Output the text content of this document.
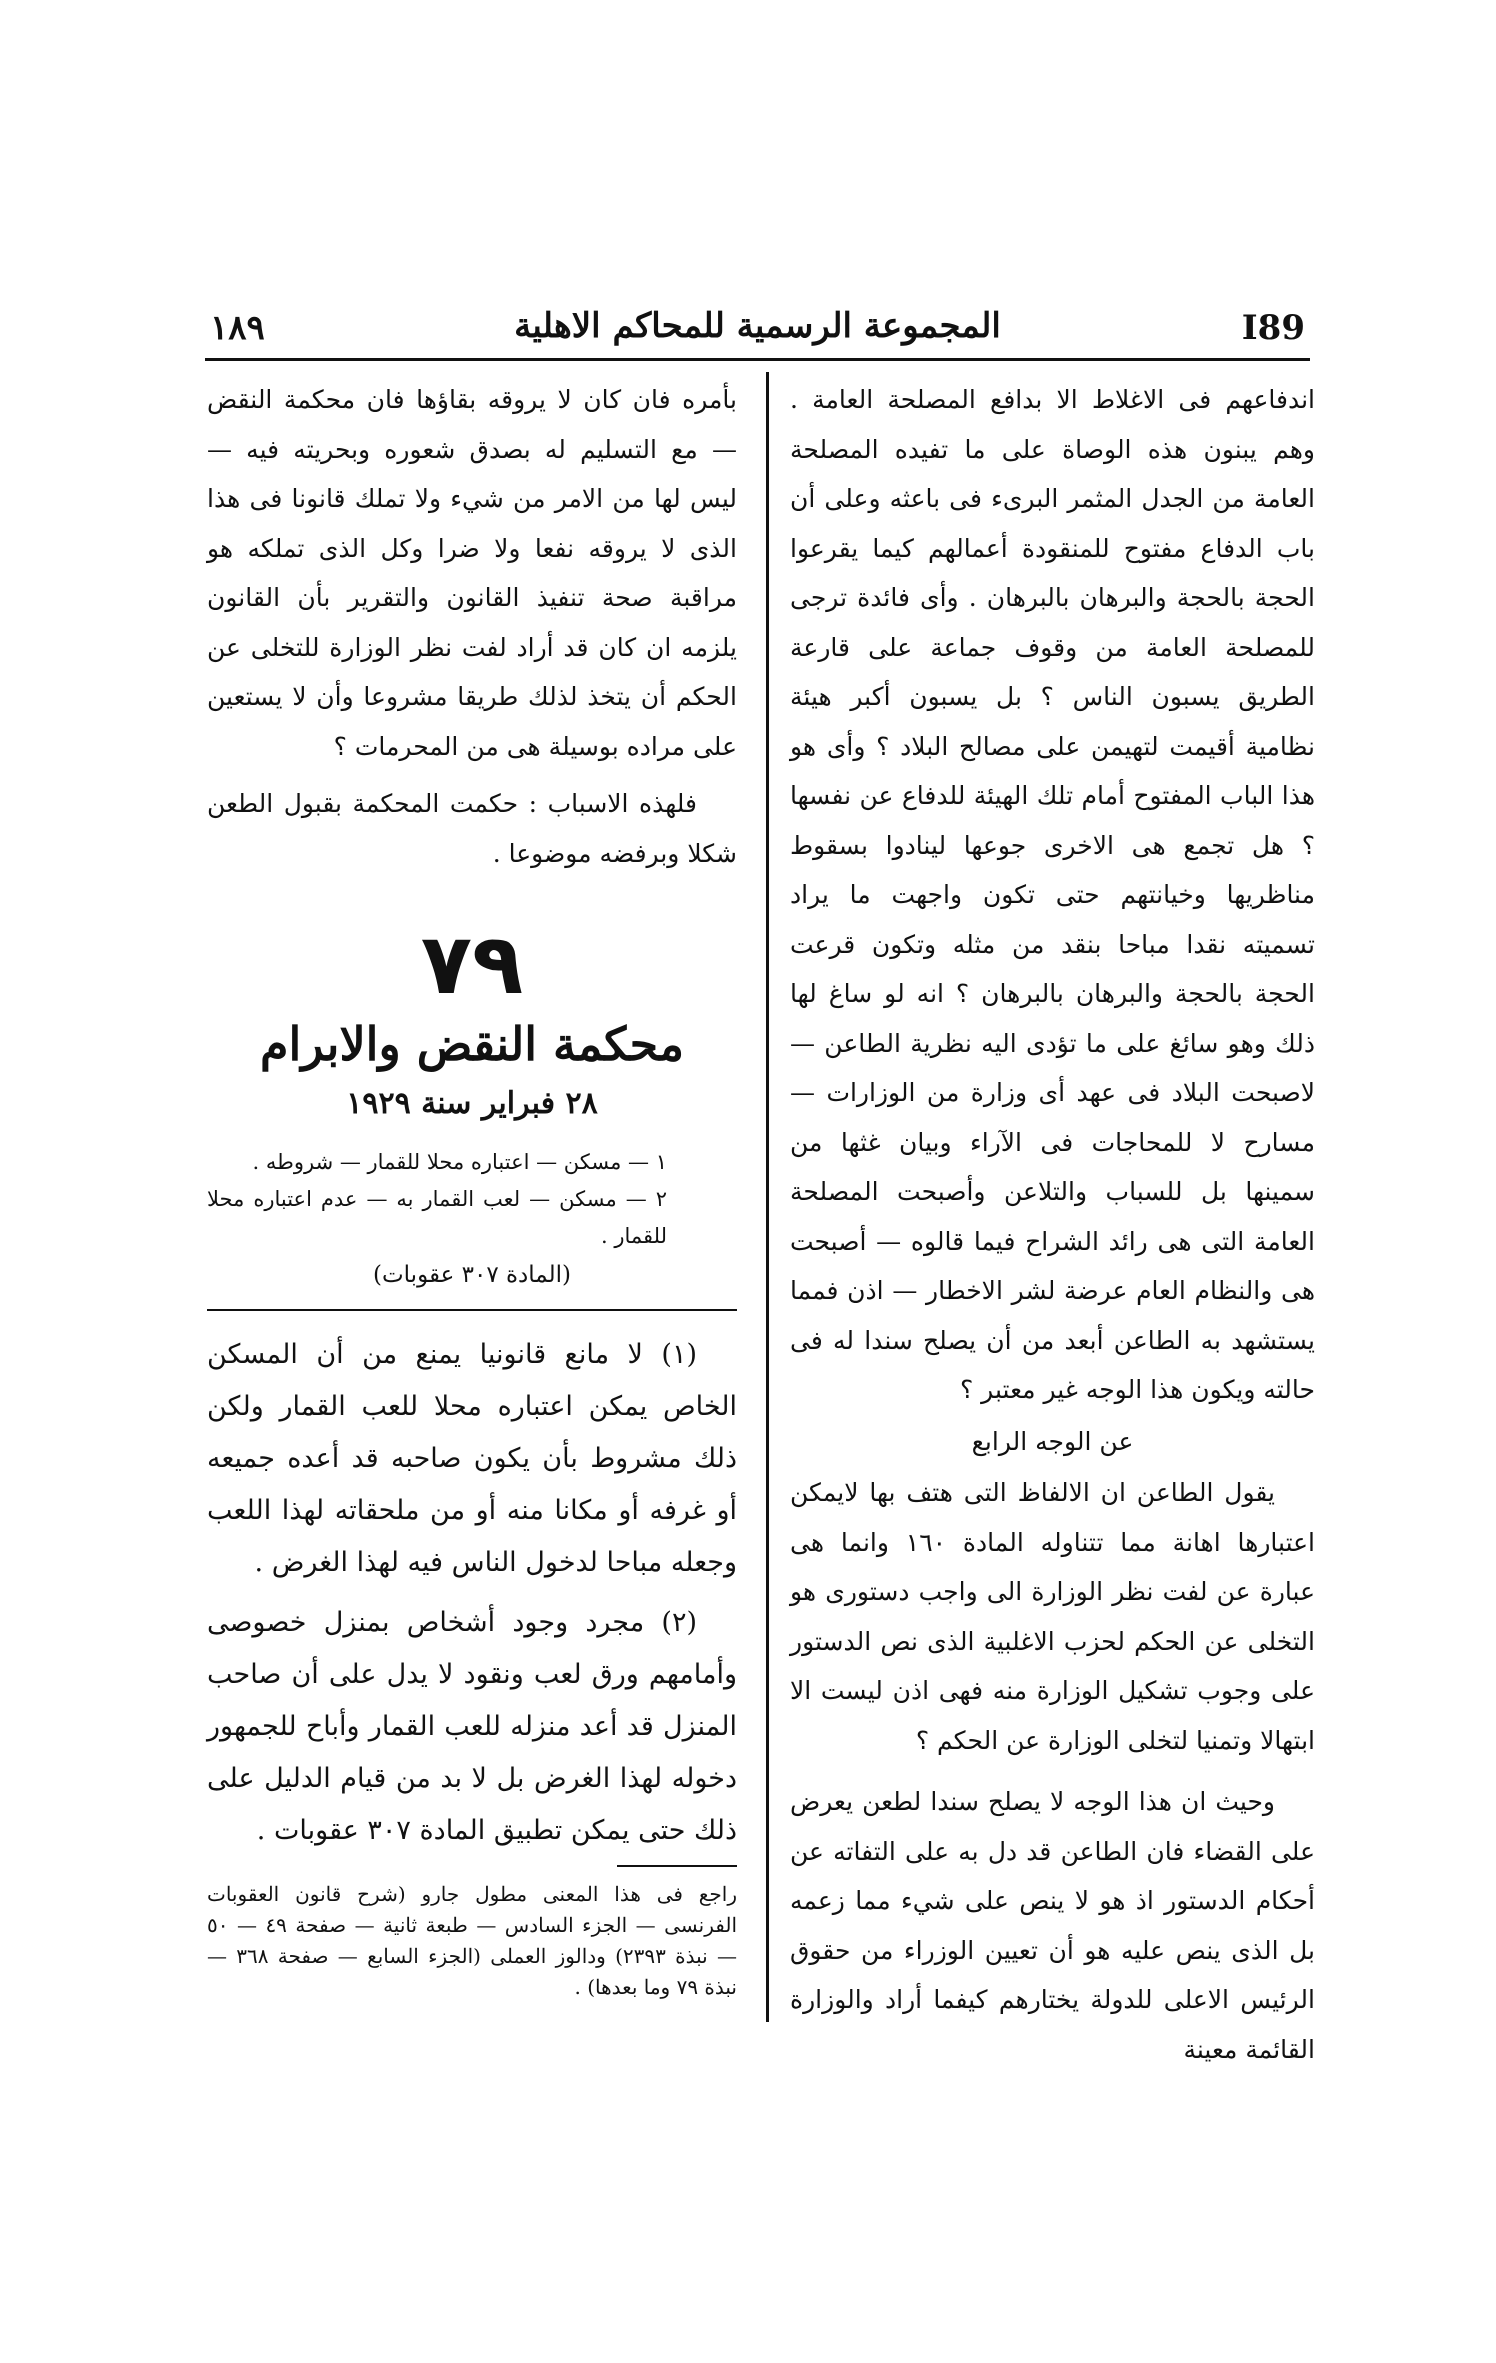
١٨٩	المجموعة الرسمية للمحاكم الاهلية	I89

اندفاعهم فى الاغلاط الا بدافع المصلحة العامة . وهم يبنون هذه الوصاة على ما تفيده المصلحة العامة من الجدل المثمر البرىء فى باعثه وعلى أن باب الدفاع مفتوح للمنقودة أعمالهم كيما يقرعوا الحجة بالحجة والبرهان بالبرهان . وأى فائدة ترجى للمصلحة العامة من وقوف جماعة على قارعة الطريق يسبون الناس ؟ بل يسبون أكبر هيئة نظامية أقيمت لتهيمن على مصالح البلاد ؟ وأى هو هذا الباب المفتوح أمام تلك الهيئة للدفاع عن نفسها ؟ هل تجمع هى الاخرى جوعها لينادوا بسقوط مناظريها وخيانتهم حتى تكون واجهت ما يراد تسميته نقدا مباحا بنقد من مثله وتكون قرعت الحجة بالحجة والبرهان بالبرهان ؟ انه لو ساغ لها ذلك وهو سائغ على ما تؤدى اليه نظرية الطاعن — لاصبحت البلاد فى عهد أى وزارة من الوزارات — مسارح لا للمحاجات فى الآراء وبيان غثها من سمينها بل للسباب والتلاعن وأصبحت المصلحة العامة التى هى رائد الشراح فيما قالوه — أصبحت هى والنظام العام عرضة لشر الاخطار — اذن فمما يستشهد به الطاعن أبعد من أن يصلح سندا له فى حالته ويكون هذا الوجه غير معتبر ؟

عن الوجه الرابع

يقول الطاعن ان الالفاظ التى هتف بها لايمكن اعتبارها اهانة مما تتناوله المادة ١٦٠ وانما هى عبارة عن لفت نظر الوزارة الى واجب دستورى هو التخلى عن الحكم لحزب الاغلبية الذى نص الدستور على وجوب تشكيل الوزارة منه فهى اذن ليست الا ابتهالا وتمنيا لتخلى الوزارة عن الحكم ؟

وحيث ان هذا الوجه لا يصلح سندا لطعن يعرض على القضاء فان الطاعن قد دل به على التفاته عن أحكام الدستور اذ هو لا ينص على شيء مما زعمه بل الذى ينص عليه هو أن تعيين الوزراء من حقوق الرئيس الاعلى للدولة يختارهم كيفما أراد والوزارة القائمة معينة

بأمره فان كان لا يروقه بقاؤها فان محكمة النقض — مع التسليم له بصدق شعوره وبحريته فيه — ليس لها من الامر من شيء ولا تملك قانونا فى هذا الذى لا يروقه نفعا ولا ضرا وكل الذى تملكه هو مراقبة صحة تنفيذ القانون والتقرير بأن القانون يلزمه ان كان قد أراد لفت نظر الوزارة للتخلى عن الحكم أن يتخذ لذلك طريقا مشروعا وأن لا يستعين على مراده بوسيلة هى من المحرمات ؟

فلهذه الاسباب : حكمت المحكمة بقبول الطعن شكلا وبرفضه موضوعا .

٧٩
محكمة النقض والابرام
٢٨ فبراير سنة ١٩٢٩
١ — مسكن — اعتباره محلا للقمار — شروطه .
٢ — مسكن — لعب القمار به — عدم اعتباره محلا للقمار .
(المادة ٣٠٧ عقوبات)

(١) لا مانع قانونيا يمنع من أن المسكن الخاص يمكن اعتباره محلا للعب القمار ولكن ذلك مشروط بأن يكون صاحبه قد أعده جميعه أو غرفه أو مكانا منه أو من ملحقاته لهذا اللعب وجعله مباحا لدخول الناس فيه لهذا الغرض .

(٢) مجرد وجود أشخاص بمنزل خصوصى وأمامهم ورق لعب ونقود لا يدل على أن صاحب المنزل قد أعد منزله للعب القمار وأباح للجمهور دخوله لهذا الغرض بل لا بد من قيام الدليل على ذلك حتى يمكن تطبيق المادة ٣٠٧ عقوبات .

راجع فى هذا المعنى مطول جارو (شرح قانون العقوبات الفرنسى — الجزء السادس — طبعة ثانية — صفحة ٤٩ — ٥٠ — نبذة ٢٣٩٣) ودالوز العملى (الجزء السابع — صفحة ٣٦٨ — نبذة ٧٩ وما بعدها) .
